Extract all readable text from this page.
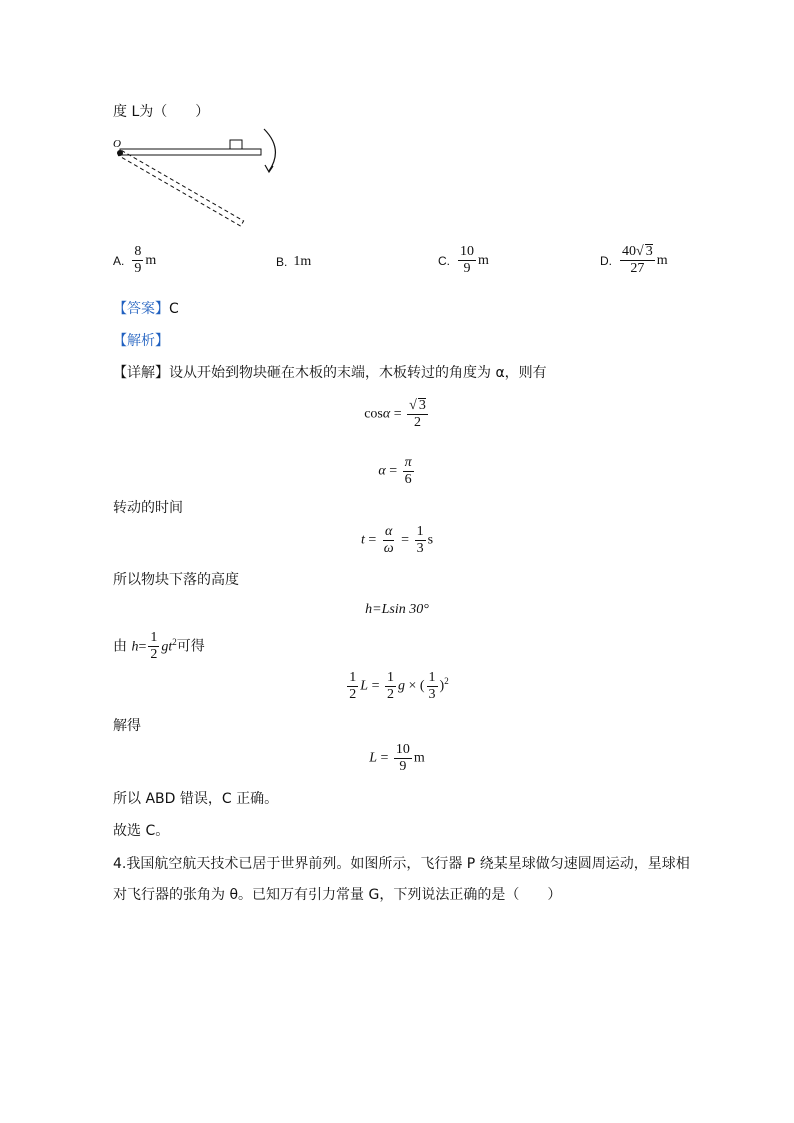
度 L为（　　）
O
A. $\frac{8}{9}$ m	B. 1m	C. $\frac{10}{9}$ m	D. $\frac{40√ 3}{27}$ m
【答案】C
【解析】
【详解】设从开始到物块砸在木板的末端，木板转过的角度为 α，则有
$\cos\alpha = \frac{√ 3}{2}$
$\alpha = \frac{\pi}{6}$
转动的时间
$t = \frac{\alpha}{\omega} = \frac{1}{3}$ s
所以物块下落的高度
h=Lsin 30°
由 $h= \frac{1}{2} gt^2$可得
$\frac{1}{2}$ $L = \frac{1}{2}$ g × ( $\frac{1}{3} )^2$
解得
$L = \frac{10}{9}$ m
所以 ABD 错误，C 正确。
故选 C。
4.我国航空航天技术已居于世界前列。如图所示，飞行器 P 绕某星球做匀速圆周运动，星球相
对飞行器的张角为 θ。已知万有引力常量 G，下列说法正确的是（　　）
